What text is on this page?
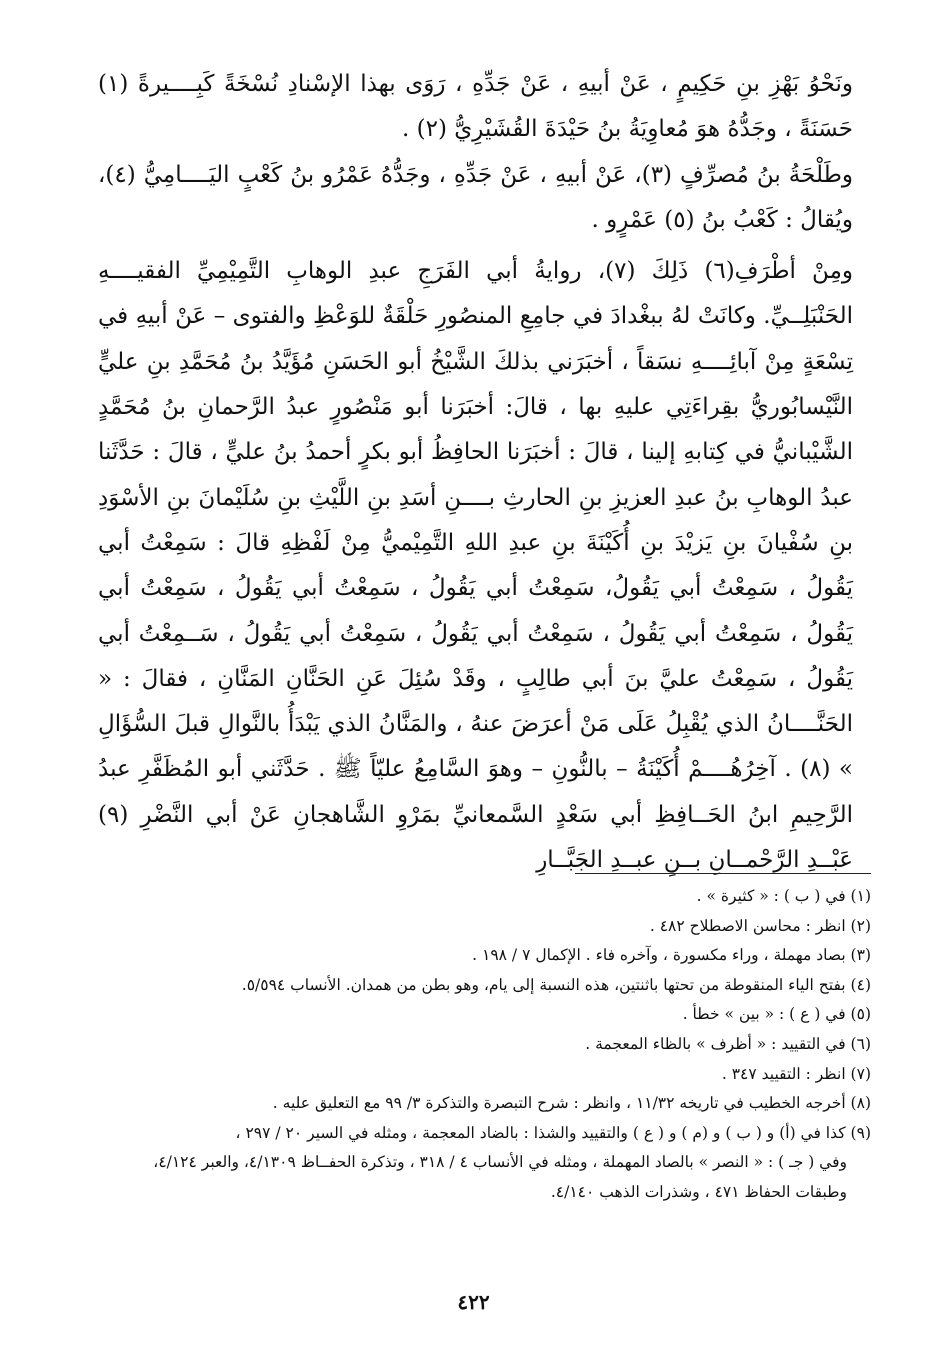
ونَحْوُ بَهْزِ بنِ حَكِيمٍ ، عَنْ أبيهِ ، عَنْ جَدِّهِ ، رَوَى بهذا الإسْنادِ نُسْخَةً كَبِــــيرةً (١) حَسَنَةً ، وجَدُّهُ هوَ مُعاوِيَةُ بنُ حَيْدَةَ القُشَيْرِيُّ (٢) .

وطَلْحَةُ بنُ مُصرِّفٍ (٣)، عَنْ أبيهِ ، عَنْ جَدِّهِ ، وجَدُّهُ عَمْرُو بنُ كَعْبٍ اليَــــامِيُّ (٤)، ويُقالُ : كَعْبُ بنُ (٥) عَمْرٍو .

ومِنْ أطْرَفِ(٦) ذَلِكَ (٧)، روايةُ أبي الفَرَجِ عبدِ الوهابِ التَّمِيْمِيِّ الفقيــــهِ الحَنْبَلِــيِّ. وكانَتْ لهُ ببغْدادَ في جامِعِ المنصُورِ حَلْقَةٌ للوَعْظِ والفتوى – عَنْ أبيهِ في تِسْعَةٍ مِنْ آبائِــــهِ نسَقاً ، أخبَرَني بذلكَ الشَّيْخُ أبو الحَسَنِ مُؤَيَّدُ بنُ مُحَمَّدِ بنِ عليٍّ النَّيْسابُوريُّ بقِراءَتِي عليهِ بها ، قالَ: أخبَرَنا أبو مَنْصُورٍ عبدُ الرَّحمانِ بنُ مُحَمَّدٍ الشَّيْبانيُّ في كِتابهِ إلينا ، قالَ : أخبَرَنا الحافِظُ أبو بكرٍ أحمدُ بنُ عليٍّ ، قالَ : حَدَّثَنا عبدُ الوهابِ بنُ عبدِ العزيزِ بنِ الحارثِ بــــنِ أسَدِ بنِ اللَّيْثِ بنِ سُلَيْمانَ بنِ الأسْوَدِ بنِ سُفْيانَ بنِ يَزيْدَ بنِ أُكَيْنَةَ بنِ عبدِ اللهِ التَّمِيْميُّ مِنْ لَفْظِهِ قالَ : سَمِعْتُ أبي يَقُولُ ، سَمِعْتُ أبي يَقُولُ، سَمِعْتُ أبي يَقُولُ ، سَمِعْتُ أبي يَقُولُ ، سَمِعْتُ أبي يَقُولُ ، سَمِعْتُ أبي يَقُولُ ، سَمِعْتُ أبي يَقُولُ ، سَمِعْتُ أبي يَقُولُ ، سَــمِعْتُ أبي يَقُولُ ، سَمِعْتُ عليَّ بنَ أبي طالِبٍ ، وقَدْ سُئِلَ عَنِ الحَنَّانِ المَنَّانِ ، فقالَ : « الحَنَّــــانُ الذي يُقْبِلُ عَلَى مَنْ أعرَضَ عنهُ ، والمَنَّانُ الذي يَبْدَأُ بالنَّوالِ قبلَ السُّؤَالِ » (٨) . آخِرُهُــــمْ أُكَيْنَةُ – بالنُّونِ – وهوَ السَّامِعُ عليّاً ﷺ . حَدَّثَني أبو المُظَفَّرِ عبدُ الرَّحِيمِ ابنُ الحَــافِظِ أبي سَعْدٍ السَّمعانيِّ بمَرْوِ الشَّاهجانِ عَنْ أبي النَّضْرِ (٩) عَبْــدِ الرَّحْمــانِ بــنِ عبــدِ الجَبَّــارِ

(١) في ( ب ) : « كثيرة » .

(٢) انظر : محاسن الاصطلاح ٤٨٢ .

(٣) بصاد مهملة ، وراء مكسورة ، وآخره فاء . الإكمال ٧ / ١٩٨ .

(٤) بفتح الياء المنقوطة من تحتها باثنتين، هذه النسبة إلى يام، وهو بطن من همدان. الأنساب ٥/٥٩٤.

(٥) في ( ع ) : « بين » خطأ .

(٦) في التقييد : « أظرف » بالظاء المعجمة .

(٧) انظر : التقييد ٣٤٧ .

(٨) أخرجه الخطيب في تاريخه ١١/٣٢ ، وانظر : شرح التبصرة والتذكرة ٣/ ٩٩ مع التعليق عليه .

(٩) كذا في (أ) و ( ب ) و (م ) و ( ع ) والتقييد والشذا : بالضاد المعجمة ، ومثله في السير ٢٠ / ٢٩٧ ،

وفي ( جـ ) : « النصر » بالصاد المهملة ، ومثله في الأنساب ٤ / ٣١٨ ، وتذكرة الحفــاظ ٤/١٣٠٩، والعبر ٤/١٢٤، وطبقات الحفاظ ٤٧١ ، وشذرات الذهب ٤/١٤٠.

٤٢٢
